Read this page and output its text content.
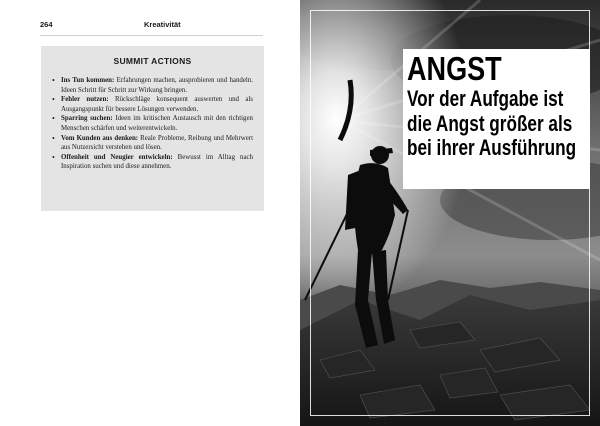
264	Kreativität
SUMMIT ACTIONS
• Ins Tun kommen: Erfahrungen machen, ausprobieren und handeln. Ideen Schritt für Schritt zur Wirkung bringen.
• Fehler nutzen: Rückschläge konsequent auswerten und als Ausgangspunkt für bessere Lösungen verwenden.
• Sparring suchen: Ideen im kritischen Austausch mit den richtigen Menschen schärfen und weiterentwickeln.
• Vom Kunden aus denken: Reale Probleme, Reibung und Mehrwert aus Nutzersicht verstehen und lösen.
• Offenheit und Neugier entwickeln: Bewusst im Alltag nach Inspiration suchen und diese annehmen.
ANGST
Vor der Aufgabe ist die Angst größer als bei ihrer Ausführung
